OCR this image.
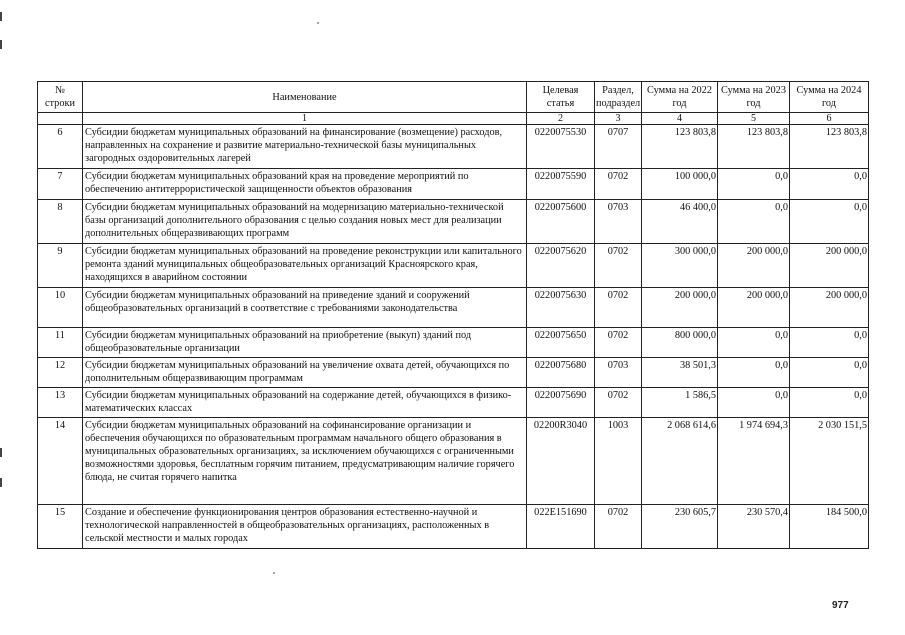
№ строки	Наименование	Целевая статья	Раздел, подраздел	Сумма на 2022 год	Сумма на 2023 год	Сумма на 2024 год
	1	2	3	4	5	6
6	Субсидии бюджетам муниципальных образований на финансирование (возмещение) расходов, направленных на сохранение и развитие материально-технической базы муниципальных загородных оздоровительных лагерей	0220075530	0707	123 803,8	123 803,8	123 803,8
7	Субсидии бюджетам муниципальных образований края на проведение мероприятий по обеспечению антитеррористической защищенности объектов образования	0220075590	0702	100 000,0	0,0	0,0
8	Субсидии бюджетам муниципальных образований на модернизацию материально-технической базы организаций дополнительного образования с целью создания новых мест для реализации дополнительных общеразвивающих программ	0220075600	0703	46 400,0	0,0	0,0
9	Субсидии бюджетам муниципальных образований на проведение реконструкции или капитального ремонта зданий муниципальных общеобразовательных организаций Красноярского края, находящихся в аварийном состоянии	0220075620	0702	300 000,0	200 000,0	200 000,0
10	Субсидии бюджетам муниципальных образований на приведение зданий и сооружений общеобразовательных организаций в соответствие с требованиями законодательства	0220075630	0702	200 000,0	200 000,0	200 000,0
11	Субсидии бюджетам муниципальных образований на приобретение (выкуп) зданий под общеобразовательные организации	0220075650	0702	800 000,0	0,0	0,0
12	Субсидии бюджетам муниципальных образований на увеличение охвата детей, обучающихся по дополнительным общеразвивающим программам	0220075680	0703	38 501,3	0,0	0,0
13	Субсидии бюджетам муниципальных образований на содержание детей, обучающихся в физико-математических классах	0220075690	0702	1 586,5	0,0	0,0
14	Субсидии бюджетам муниципальных образований на софинансирование организации и обеспечения обучающихся по образовательным программам начального общего образования в муниципальных образовательных организациях, за исключением обучающихся с ограниченными возможностями здоровья, бесплатным горячим питанием, предусматривающим наличие горячего блюда, не считая горячего напитка	02200R3040	1003	2 068 614,6	1 974 694,3	2 030 151,5
15	Создание и обеспечение функционирования центров образования естественно-научной и технологической направленностей в общеобразовательных организациях, расположенных в сельской местности и малых городах	022E151690	0702	230 605,7	230 570,4	184 500,0
977
